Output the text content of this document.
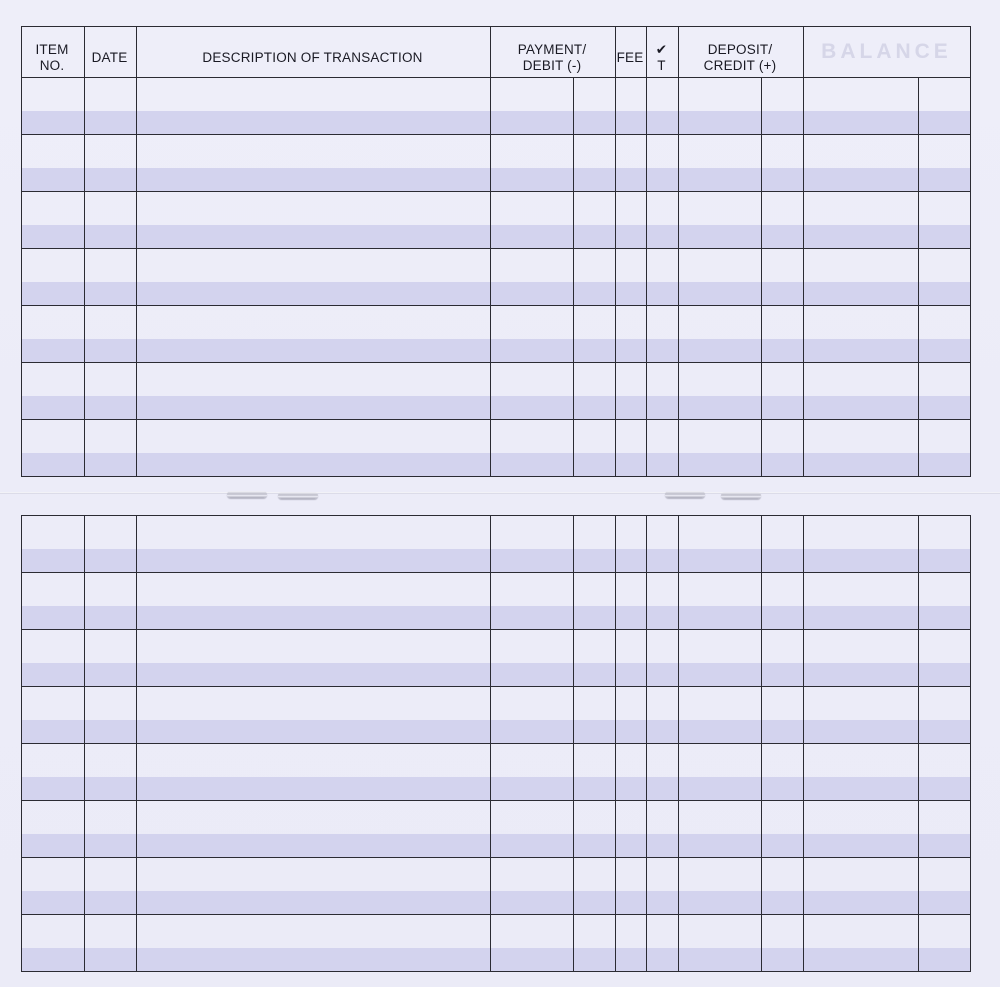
ITEM
NO.
DATE	DESCRIPTION OF TRANSACTION
PAYMENT/
DEBIT (-)
FEE
✔
T
DEPOSIT/
CREDIT (+)
BALANCE
